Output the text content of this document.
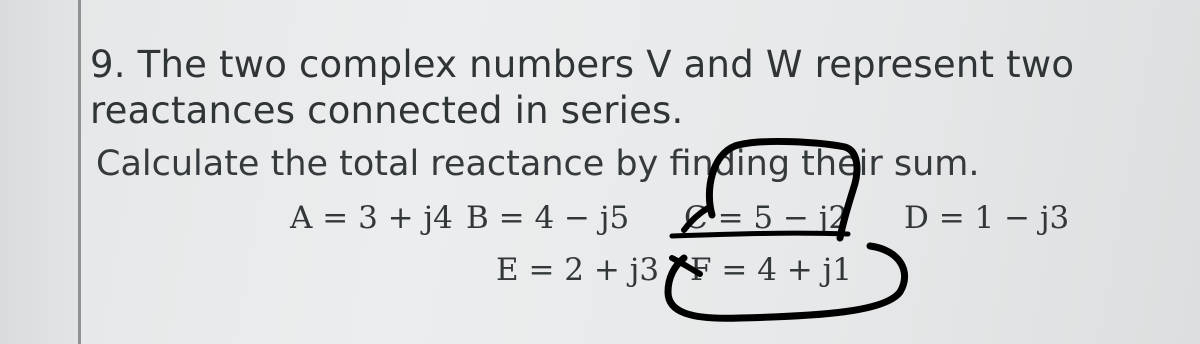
9. The two complex numbers V and W represent two
reactances connected in series.

Calculate the total reactance by finding their sum.

A = 3 + j4 B = 4 − j5 C = 5 − j2 D = 1 − j3
E = 2 + j3 F = 4 + j1
